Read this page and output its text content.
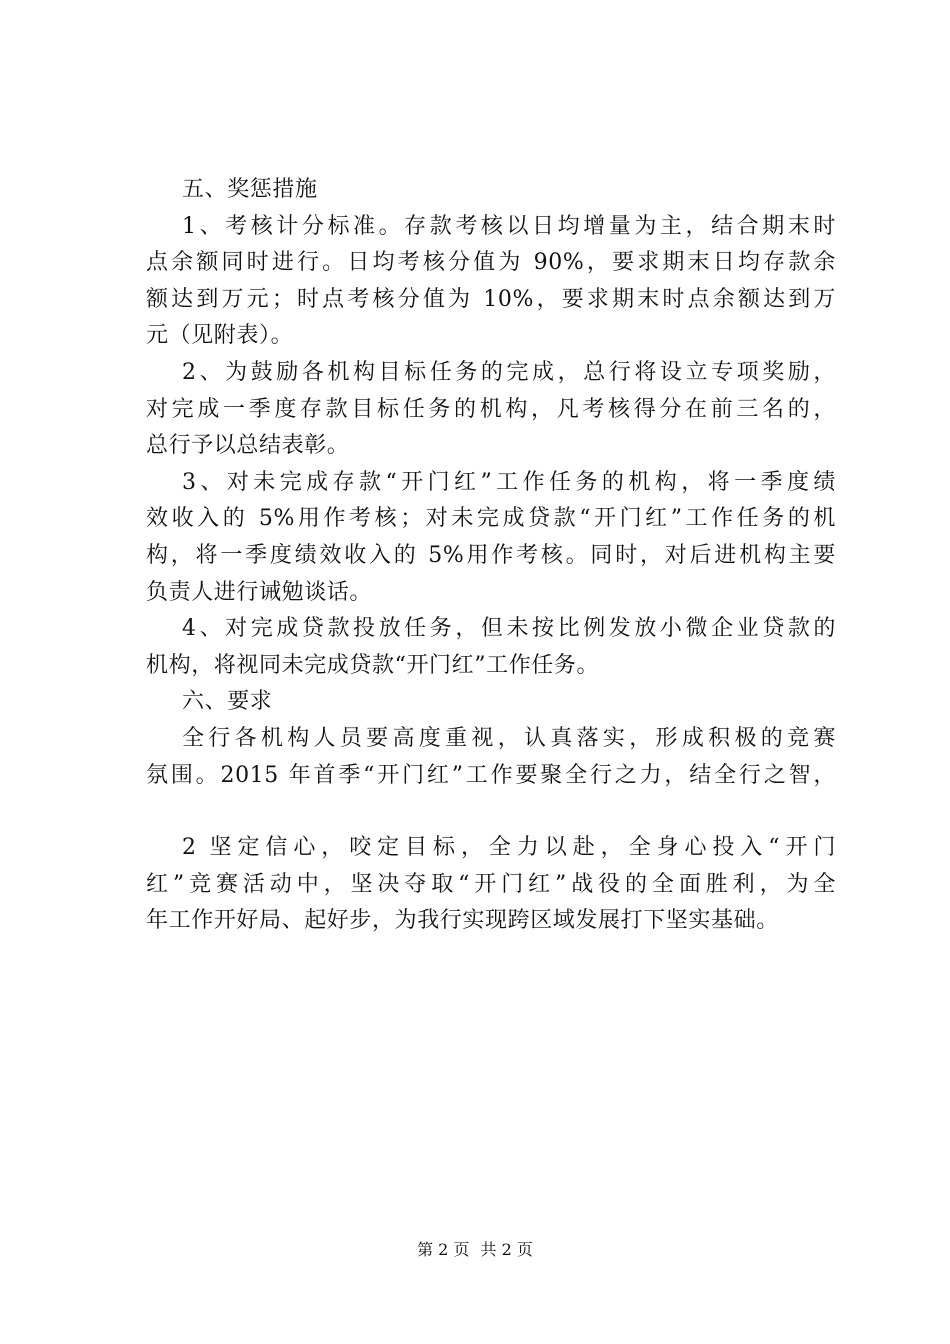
五、奖惩措施
1、考核计分标准。存款考核以日均增量为主，结合期末时
点余额同时进行。日均考核分值为 90%，要求期末日均存款余
额达到万元；时点考核分值为 10%，要求期末时点余额达到万
元（见附表）。
2、为鼓励各机构目标任务的完成，总行将设立专项奖励，
对完成一季度存款目标任务的机构，凡考核得分在前三名的，
总行予以总结表彰。
3、对未完成存款“开门红”工作任务的机构，将一季度绩
效收入的 5%用作考核；对未完成贷款“开门红”工作任务的机
构，将一季度绩效收入的 5%用作考核。同时，对后进机构主要
负责人进行诫勉谈话。
4、对完成贷款投放任务，但未按比例发放小微企业贷款的
机构，将视同未完成贷款“开门红”工作任务。
六、要求
全行各机构人员要高度重视，认真落实，形成积极的竞赛
氛围。2015 年首季“开门红”工作要聚全行之力，结全行之智，
2 坚定信心，咬定目标，全力以赴，全身心投入“开门
红”竞赛活动中，坚决夺取“开门红”战役的全面胜利，为全
年工作开好局、起好步，为我行实现跨区域发展打下坚实基础。
第 2 页 共 2 页
